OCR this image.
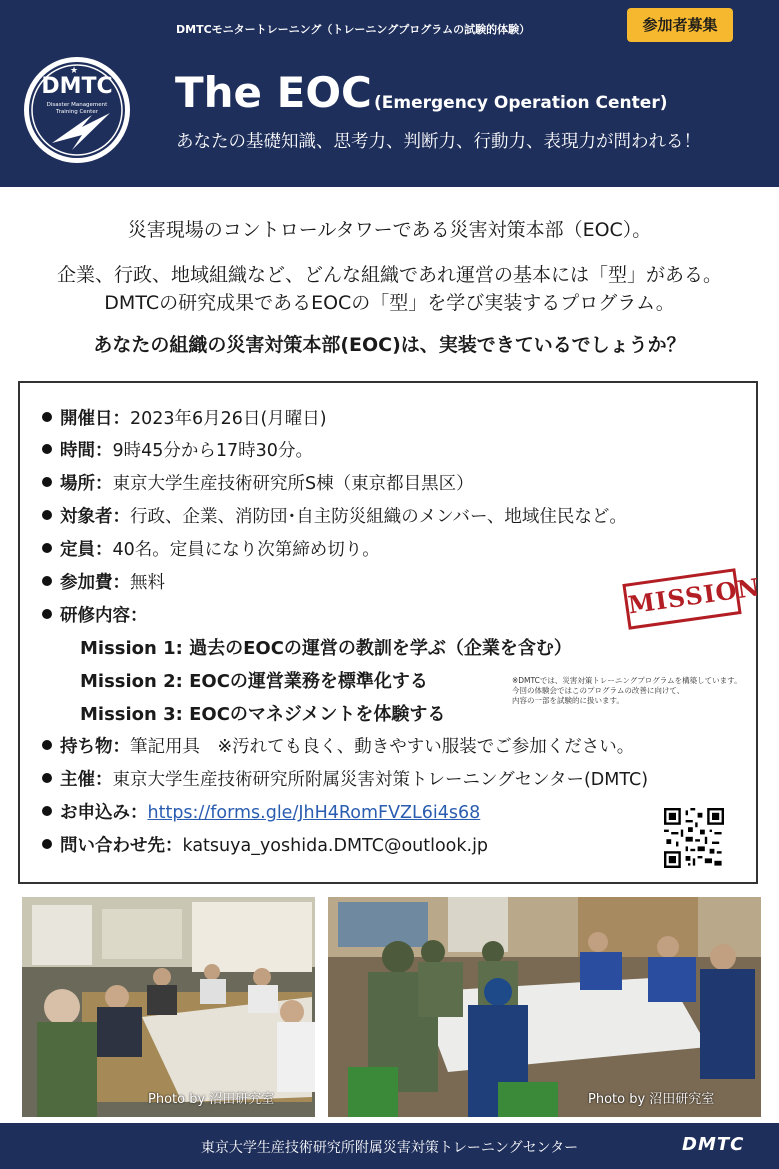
DMTCモニタートレーニング（トレーニングプログラムの試験的体験）	参加者募集
★
DMTC
Disaster Management
Training Center The EOC (Emergency Operation Center)
あなたの基礎知識、思考力、判断力、行動力、表現力が問われる！
災害現場のコントロールタワーである災害対策本部（EOC）。
企業、行政、地域組織など、どんな組織であれ運営の基本には「型」がある。
DMTCの研究成果であるEOCの「型」を学び実装するプログラム。
あなたの組織の災害対策本部(EOC)は、実装できているでしょうか？
開催日：2023年6月26日(月曜日)
時間：9時45分から17時30分。
場所：東京大学生産技術研究所S棟（東京都目黒区）
対象者：行政、企業、消防団･自主防災組織のメンバー、地域住民など。
定員：40名。定員になり次第締め切り。
参加費：無料
研修内容：
Mission 1: 過去のEOCの運営の教訓を学ぶ（企業を含む）
Mission 2: EOCの運営業務を標準化する
Mission 3: EOCのマネジメントを体験する
持ち物：筆記用具　※汚れても良く、動きやすい服装でご参加ください。
主催：東京大学生産技術研究所附属災害対策トレーニングセンター(DMTC)
お申込み：https://forms.gle/JhH4RomFVZL6i4s68
問い合わせ先：katsuya_yoshida.DMTC@outlook.jp
MISSION
※DMTCでは、災害対策トレーニングプログラムを構築しています。
今回の体験会ではこのプログラムの改善に向けて、
内容の一部を試験的に扱います。
Photo by 沼田研究室	Photo by 沼田研究室
東京大学生産技術研究所附属災害対策トレーニングセンター	DMTC
